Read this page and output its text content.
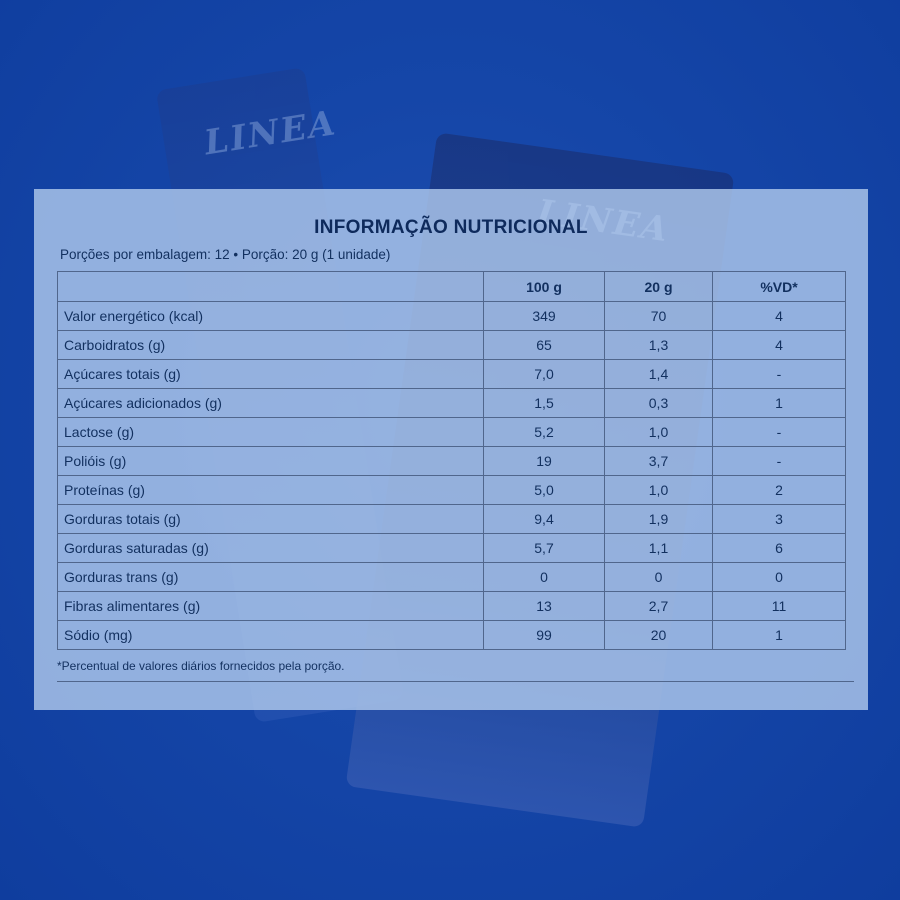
LINEA
INFORMAÇÃO NUTRICIONAL
Porções por embalagem: 12 • Porção: 20 g (1 unidade)
	100 g	20 g	%VD*
Valor energético (kcal)	349	70	4
Carboidratos (g)	65	1,3	4
Açúcares totais (g)	7,0	1,4	-
Açúcares adicionados (g)	1,5	0,3	1
Lactose (g)	5,2	1,0	-
Polióis (g)	19	3,7	-
Proteínas (g)	5,0	1,0	2
Gorduras totais (g)	9,4	1,9	3
Gorduras saturadas (g)	5,7	1,1	6
Gorduras trans (g)	0	0	0
Fibras alimentares (g)	13	2,7	11
Sódio (mg)	99	20	1
*Percentual de valores diários fornecidos pela porção.
